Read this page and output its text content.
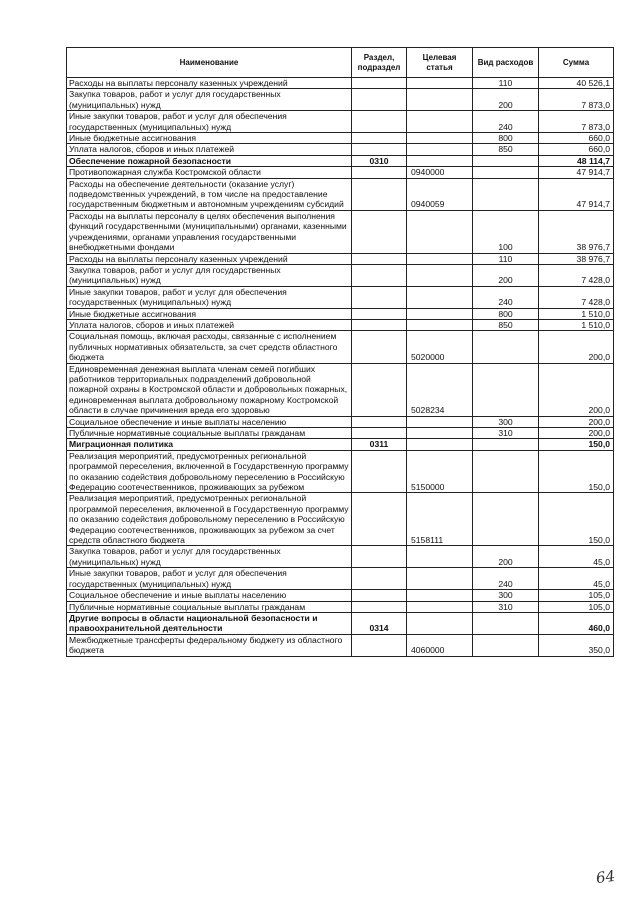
Наименование	Раздел, подраздел	Целевая статья	Вид расходов	Сумма
Расходы на выплаты персоналу казенных учреждений			110	40 526,1
Закупка товаров, работ и услуг для государственных (муниципальных) нужд			200	7 873,0
Иные закупки товаров, работ и услуг для обеспечения государственных (муниципальных) нужд			240	7 873,0
Иные бюджетные ассигнования			800	660,0
Уплата налогов, сборов и иных платежей			850	660,0
Обеспечение пожарной безопасности	0310			48 114,7
Противопожарная служба Костромской области		0940000		47 914,7
Расходы на обеспечение деятельности (оказание услуг) подведомственных учреждений, в том числе на предоставление государственным бюджетным и автономным учреждениям субсидий		0940059		47 914,7
Расходы на выплаты персоналу в целях обеспечения выполнения функций государственными (муниципальными) органами, казенными учреждениями, органами управления государственными внебюджетными фондами			100	38 976,7
Расходы на выплаты персоналу казенных учреждений			110	38 976,7
Закупка товаров, работ и услуг для государственных (муниципальных) нужд			200	7 428,0
Иные закупки товаров, работ и услуг для обеспечения государственных (муниципальных) нужд			240	7 428,0
Иные бюджетные ассигнования			800	1 510,0
Уплата налогов, сборов и иных платежей			850	1 510,0
Социальная помощь, включая расходы, связанные с исполнением публичных нормативных обязательств, за счет средств областного бюджета		5020000		200,0
Единовременная денежная выплата членам семей погибших работников территориальных подразделений добровольной пожарной охраны в Костромской области и добровольных пожарных, единовременная выплата добровольному пожарному Костромской области в случае причинения вреда его здоровью		5028234		200,0
Социальное обеспечение и иные выплаты населению			300	200,0
Публичные нормативные социальные выплаты гражданам			310	200,0
Миграционная политика	0311			150,0
Реализация мероприятий, предусмотренных региональной программой переселения, включенной в Государственную программу по оказанию содействия добровольному переселению в Российскую Федерацию соотечественников, проживающих за рубежом		5150000		150,0
Реализация мероприятий, предусмотренных региональной программой переселения, включенной в Государственную программу по оказанию содействия добровольному переселению в Российскую Федерацию соотечественников, проживающих за рубежом за счет средств областного бюджета		5158111		150,0
Закупка товаров, работ и услуг для государственных (муниципальных) нужд			200	45,0
Иные закупки товаров, работ и услуг для обеспечения государственных (муниципальных) нужд			240	45,0
Социальное обеспечение и иные выплаты населению			300	105,0
Публичные нормативные социальные выплаты гражданам			310	105,0
Другие вопросы в области национальной безопасности и правоохранительной деятельности	0314			460,0
Межбюджетные трансферты федеральному бюджету из областного бюджета		4060000		350,0
64
